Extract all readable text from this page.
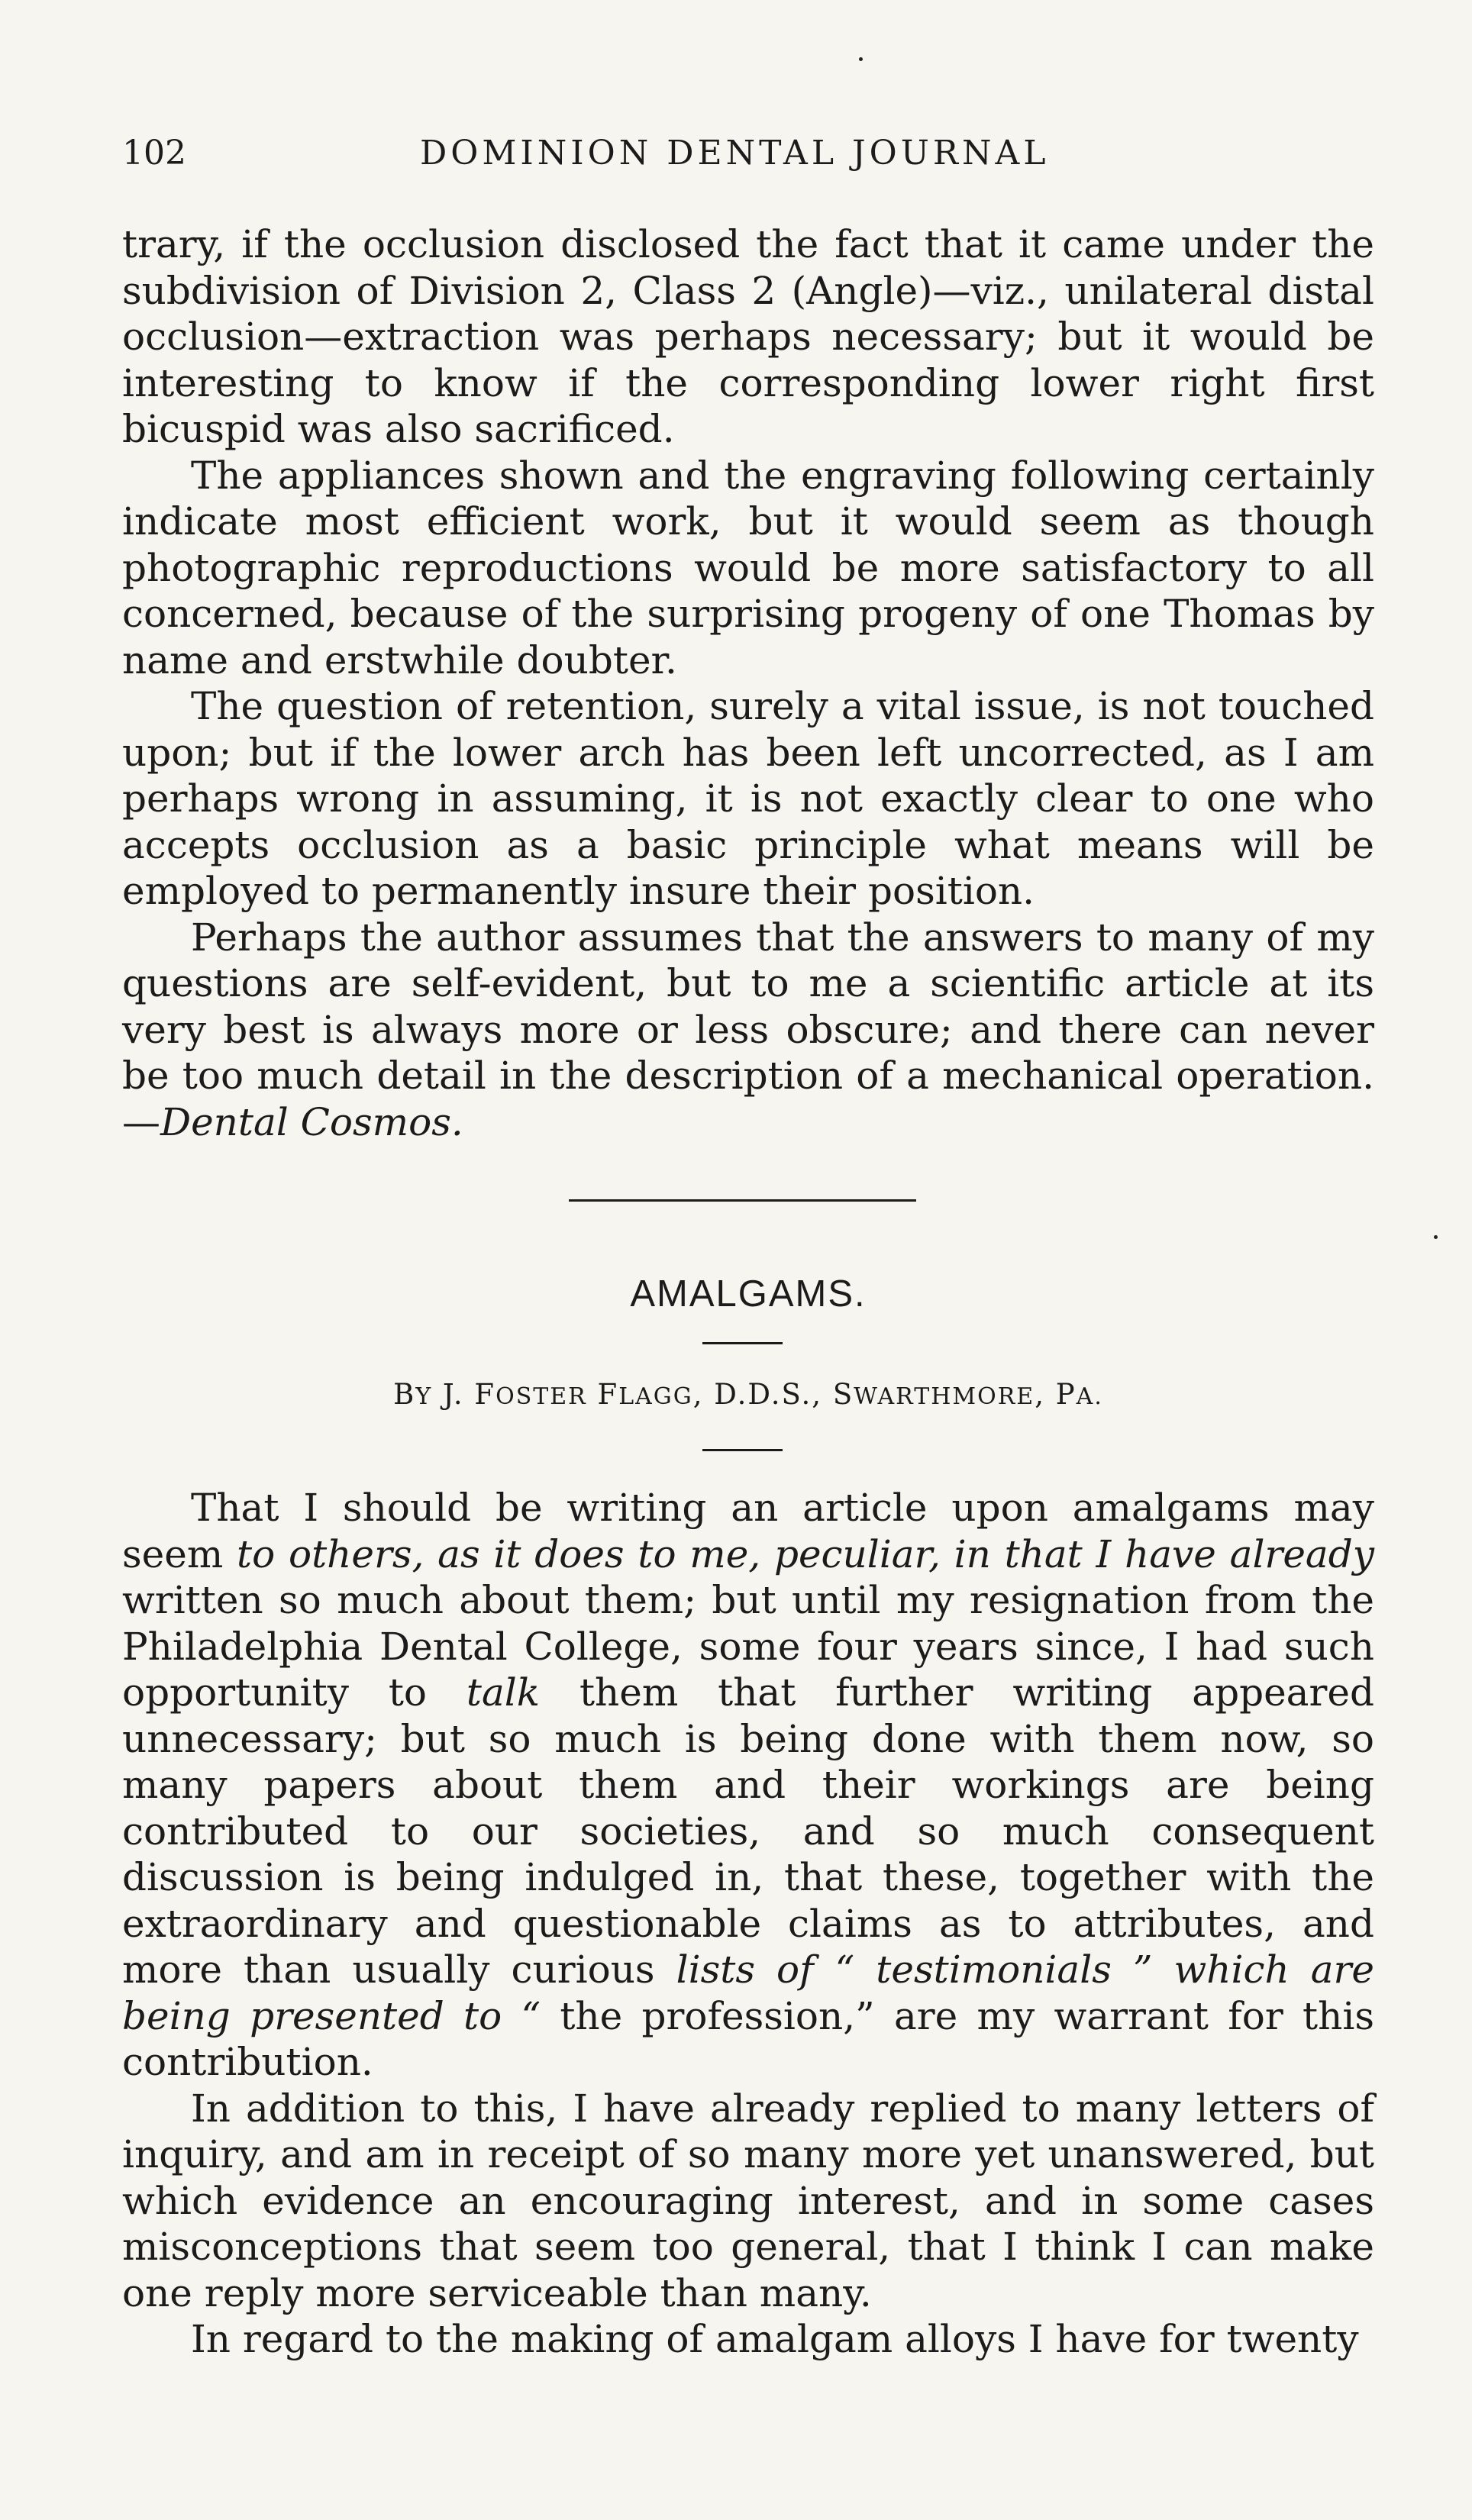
102	DOMINION DENTAL JOURNAL

trary, if the occlusion disclosed the fact that it came under the subdivision of Division 2, Class 2 (Angle)—viz., unilateral distal occlusion—extraction was perhaps necessary; but it would be interesting to know if the corresponding lower right first bicuspid was also sacrificed.

The appliances shown and the engraving following certainly indicate most efficient work, but it would seem as though photographic reproductions would be more satisfactory to all concerned, because of the surprising progeny of one Thomas by name and erstwhile doubter.

The question of retention, surely a vital issue, is not touched upon; but if the lower arch has been left uncorrected, as I am perhaps wrong in assuming, it is not exactly clear to one who accepts occlusion as a basic principle what means will be employed to permanently insure their position.

Perhaps the author assumes that the answers to many of my questions are self-evident, but to me a scientific article at its very best is always more or less obscure; and there can never be too much detail in the description of a mechanical operation.—Dental Cosmos.

AMALGAMS.
BY J. FOSTER FLAGG, D.D.S., SWARTHMORE, PA.

That I should be writing an article upon amalgams may seem to others, as it does to me, peculiar, in that I have already written so much about them; but until my resignation from the Philadelphia Dental College, some four years since, I had such opportunity to talk them that further writing appeared unnecessary; but so much is being done with them now, so many papers about them and their workings are being contributed to our societies, and so much consequent discussion is being indulged in, that these, together with the extraordinary and questionable claims as to attributes, and more than usually curious lists of “ testimonials ” which are being presented to “ the profession,” are my warrant for this contribution.

In addition to this, I have already replied to many letters of inquiry, and am in receipt of so many more yet unanswered, but which evidence an encouraging interest, and in some cases misconceptions that seem too general, that I think I can make one reply more serviceable than many.

In regard to the making of amalgam alloys I have for twenty
